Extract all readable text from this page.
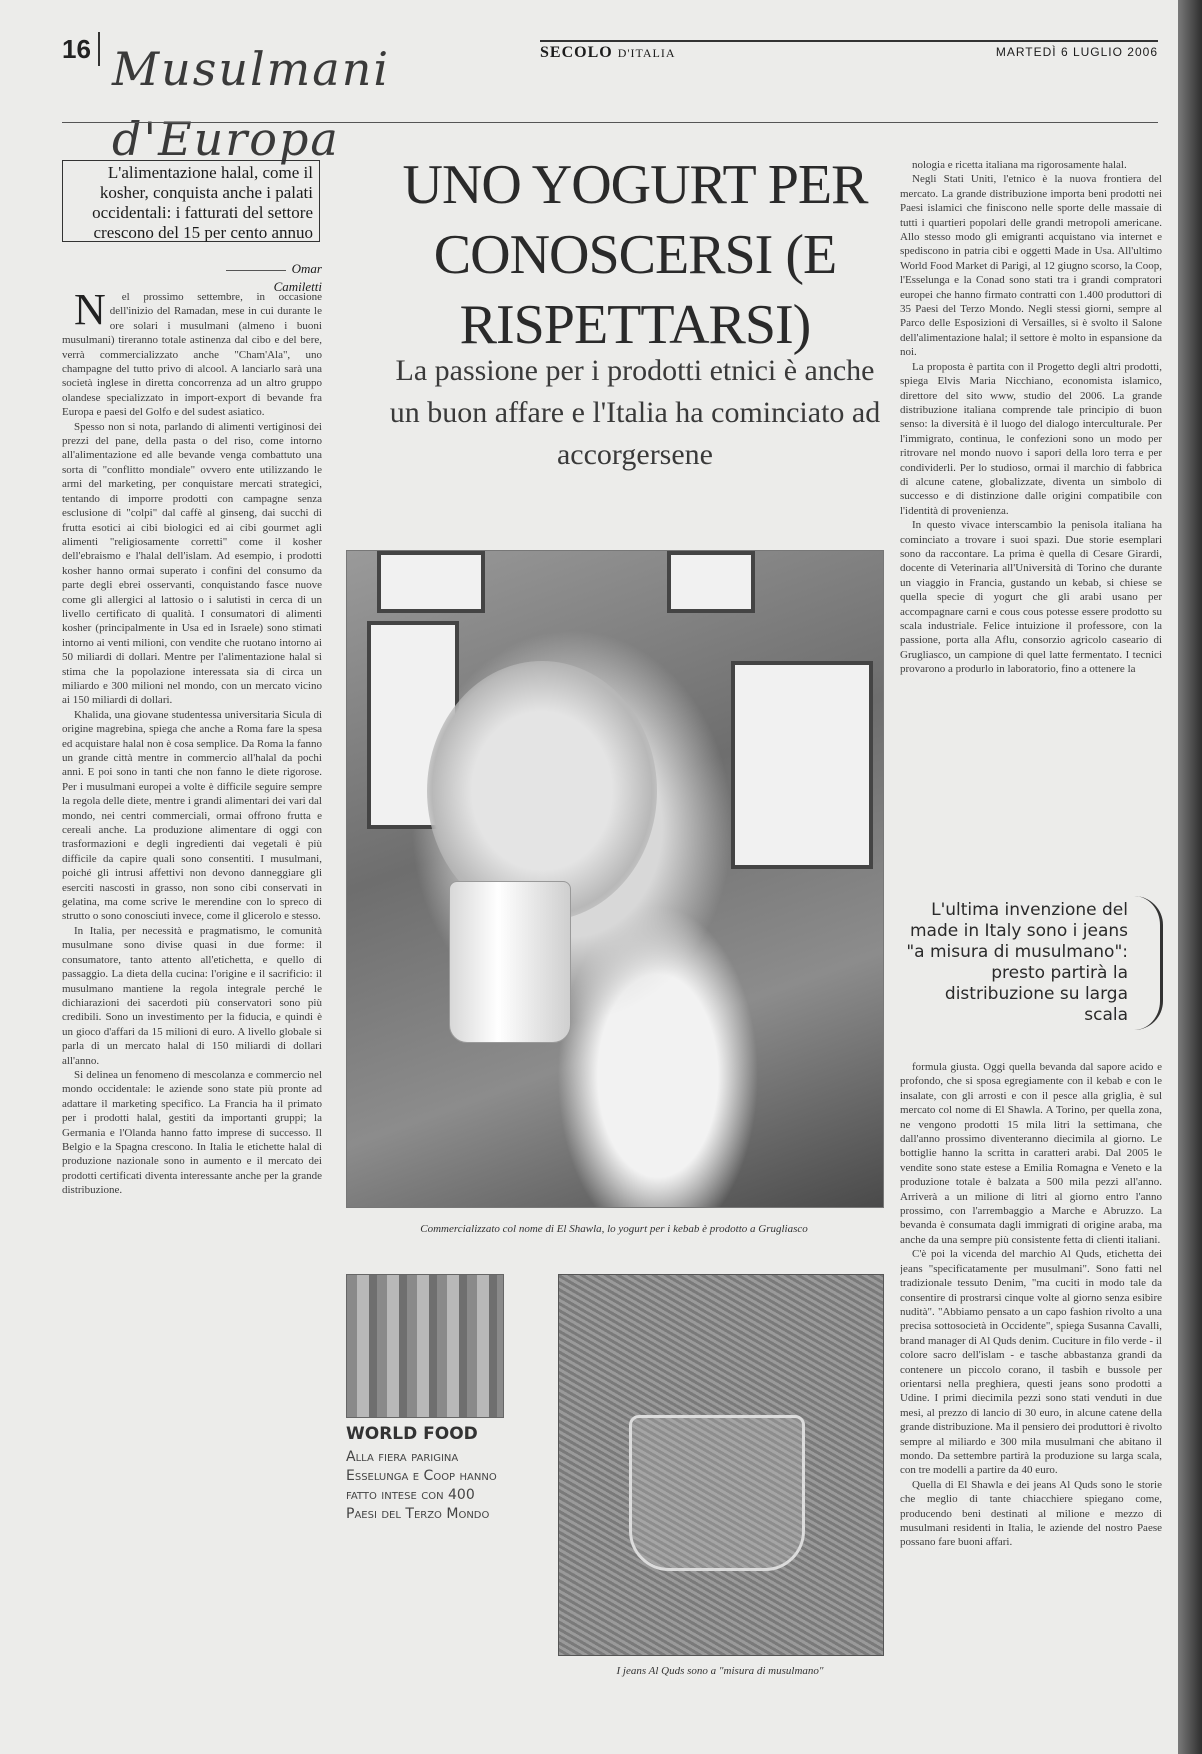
16 Musulmani d'Europa
SECOLO D'ITALIA	MARTEDÌ 6 LUGLIO 2006
L'alimentazione halal, come il kosher, conquista anche i palati occidentali: i fatturati del settore crescono del 15 per cento annuo
Omar Camiletti
UNO YOGURT PER CONOSCERSI (E RISPETTARSI)
La passione per i prodotti etnici è anche un buon affare e l'Italia ha cominciato ad accorgersene

Nel prossimo settembre, in occasione dell'inizio del Ramadan, mese in cui durante le ore solari i musulmani (almeno i buoni musulmani) tireranno totale astinenza dal cibo e del bere, verrà commercializzato anche "Cham'Ala", uno champagne del tutto privo di alcool. A lanciarlo sarà una società inglese in diretta concorrenza ad un altro gruppo olandese specializzato in import-export di bevande fra Europa e paesi del Golfo e del sudest asiatico.

Spesso non si nota, parlando di alimenti vertiginosi dei prezzi del pane, della pasta o del riso, come intorno all'alimentazione ed alle bevande venga combattuto una sorta di "conflitto mondiale" ovvero ente utilizzando le armi del marketing, per conquistare mercati strategici, tentando di imporre prodotti con campagne senza esclusione di "colpi" dal caffè al ginseng, dai succhi di frutta esotici ai cibi biologici ed ai cibi gourmet agli alimenti "religiosamente corretti" come il kosher dell'ebraismo e l'halal dell'islam. Ad esempio, i prodotti kosher hanno ormai superato i confini del consumo da parte degli ebrei osservanti, conquistando fasce nuove come gli allergici al lattosio o i salutisti in cerca di un livello certificato di qualità. I consumatori di alimenti kosher (principalmente in Usa ed in Israele) sono stimati intorno ai venti milioni, con vendite che ruotano intorno ai 50 miliardi di dollari. Mentre per l'alimentazione halal si stima che la popolazione interessata sia di circa un miliardo e 300 milioni nel mondo, con un mercato vicino ai 150 miliardi di dollari.

Khalida, una giovane studentessa universitaria Sicula di origine magrebina, spiega che anche a Roma fare la spesa ed acquistare halal non è cosa semplice. Da Roma la fanno un grande città mentre in commercio all'halal da pochi anni. E poi sono in tanti che non fanno le diete rigorose. Per i musulmani europei a volte è difficile seguire sempre la regola delle diete, mentre i grandi alimentari dei vari dal mondo, nei centri commerciali, ormai offrono frutta e cereali anche. La produzione alimentare di oggi con trasformazioni e degli ingredienti dai vegetali è più difficile da capire quali sono consentiti. I musulmani, poiché gli intrusi affettivi non devono danneggiare gli eserciti nascosti in grasso, non sono cibi conservati in gelatina, ma come scrive le merendine con lo spreco di strutto o sono conosciuti invece, come il glicerolo e stesso.

In Italia, per necessità e pragmatismo, le comunità musulmane sono divise quasi in due forme: il consumatore, tanto attento all'etichetta, e quello di passaggio. La dieta della cucina: l'origine e il sacrificio: il musulmano mantiene la regola integrale perché le dichiarazioni dei sacerdoti più conservatori sono più credibili. Sono un investimento per la fiducia, e quindi è un gioco d'affari da 15 milioni di euro. A livello globale si parla di un mercato halal di 150 miliardi di dollari all'anno.

Si delinea un fenomeno di mescolanza e commercio nel mondo occidentale: le aziende sono state più pronte ad adattare il marketing specifico. La Francia ha il primato per i prodotti halal, gestiti da importanti gruppi; la Germania e l'Olanda hanno fatto imprese di successo. Il Belgio e la Spagna crescono. In Italia le etichette halal di produzione nazionale sono in aumento e il mercato dei prodotti certificati diventa interessante anche per la grande distribuzione.

nologia e ricetta italiana ma rigorosamente halal.

Negli Stati Uniti, l'etnico è la nuova frontiera del mercato. La grande distribuzione importa beni prodotti nei Paesi islamici che finiscono nelle sporte delle massaie di tutti i quartieri popolari delle grandi metropoli americane. Allo stesso modo gli emigranti acquistano via internet e spediscono in patria cibi e oggetti Made in Usa. All'ultimo World Food Market di Parigi, al 12 giugno scorso, la Coop, l'Esselunga e la Conad sono stati tra i grandi compratori europei che hanno firmato contratti con 1.400 produttori di 35 Paesi del Terzo Mondo. Negli stessi giorni, sempre al Parco delle Esposizioni di Versailles, si è svolto il Salone dell'alimentazione halal; il settore è molto in espansione da noi.

La proposta è partita con il Progetto degli altri prodotti, spiega Elvis Maria Nicchiano, economista islamico, direttore del sito www, studio del 2006. La grande distribuzione italiana comprende tale principio di buon senso: la diversità è il luogo del dialogo interculturale. Per l'immigrato, continua, le confezioni sono un modo per ritrovare nel mondo nuovo i sapori della loro terra e per condividerli. Per lo studioso, ormai il marchio di fabbrica di alcune catene, globalizzate, diventa un simbolo di successo e di distinzione dalle origini compatibile con l'identità di provenienza.

In questo vivace interscambio la penisola italiana ha cominciato a trovare i suoi spazi. Due storie esemplari sono da raccontare. La prima è quella di Cesare Girardi, docente di Veterinaria all'Università di Torino che durante un viaggio in Francia, gustando un kebab, si chiese se quella specie di yogurt che gli arabi usano per accompagnare carni e cous cous potesse essere prodotto su scala industriale. Felice intuizione il professore, con la passione, porta alla Aflu, consorzio agricolo caseario di Grugliasco, un campione di quel latte fermentato. I tecnici provarono a produrlo in laboratorio, fino a ottenere la

Commercializzato col nome di El Shawla, lo yogurt per i kebab è prodotto a Grugliasco
L'ultima invenzione del made in Italy sono i jeans "a misura di musulmano": presto partirà la distribuzione su larga scala

formula giusta. Oggi quella bevanda dal sapore acido e profondo, che si sposa egregiamente con il kebab e con le insalate, con gli arrosti e con il pesce alla griglia, è sul mercato col nome di El Shawla. A Torino, per quella zona, ne vengono prodotti 15 mila litri la settimana, che dall'anno prossimo diventeranno diecimila al giorno. Le bottiglie hanno la scritta in caratteri arabi. Dal 2005 le vendite sono state estese a Emilia Romagna e Veneto e la produzione totale è balzata a 500 mila pezzi all'anno. Arriverà a un milione di litri al giorno entro l'anno prossimo, con l'arrembaggio a Marche e Abruzzo. La bevanda è consumata dagli immigrati di origine araba, ma anche da una sempre più consistente fetta di clienti italiani.

C'è poi la vicenda del marchio Al Quds, etichetta dei jeans "specificatamente per musulmani". Sono fatti nel tradizionale tessuto Denim, "ma cuciti in modo tale da consentire di prostrarsi cinque volte al giorno senza esibire nudità". "Abbiamo pensato a un capo fashion rivolto a una precisa sottosocietà in Occidente", spiega Susanna Cavalli, brand manager di Al Quds denim. Cuciture in filo verde - il colore sacro dell'islam - e tasche abbastanza grandi da contenere un piccolo corano, il tasbih e bussole per orientarsi nella preghiera, questi jeans sono prodotti a Udine. I primi diecimila pezzi sono stati venduti in due mesi, al prezzo di lancio di 30 euro, in alcune catene della grande distribuzione. Ma il pensiero dei produttori è rivolto sempre al miliardo e 300 mila musulmani che abitano il mondo. Da settembre partirà la produzione su larga scala, con tre modelli a partire da 40 euro.

Quella di El Shawla e dei jeans Al Quds sono le storie che meglio di tante chiacchiere spiegano come, producendo beni destinati al milione e mezzo di musulmani residenti in Italia, le aziende del nostro Paese possano fare buoni affari.

WORLD FOOD
Alla fiera parigina Esselunga e Coop hanno fatto intese con 400 Paesi del Terzo Mondo
I jeans Al Quds sono a "misura di musulmano"
